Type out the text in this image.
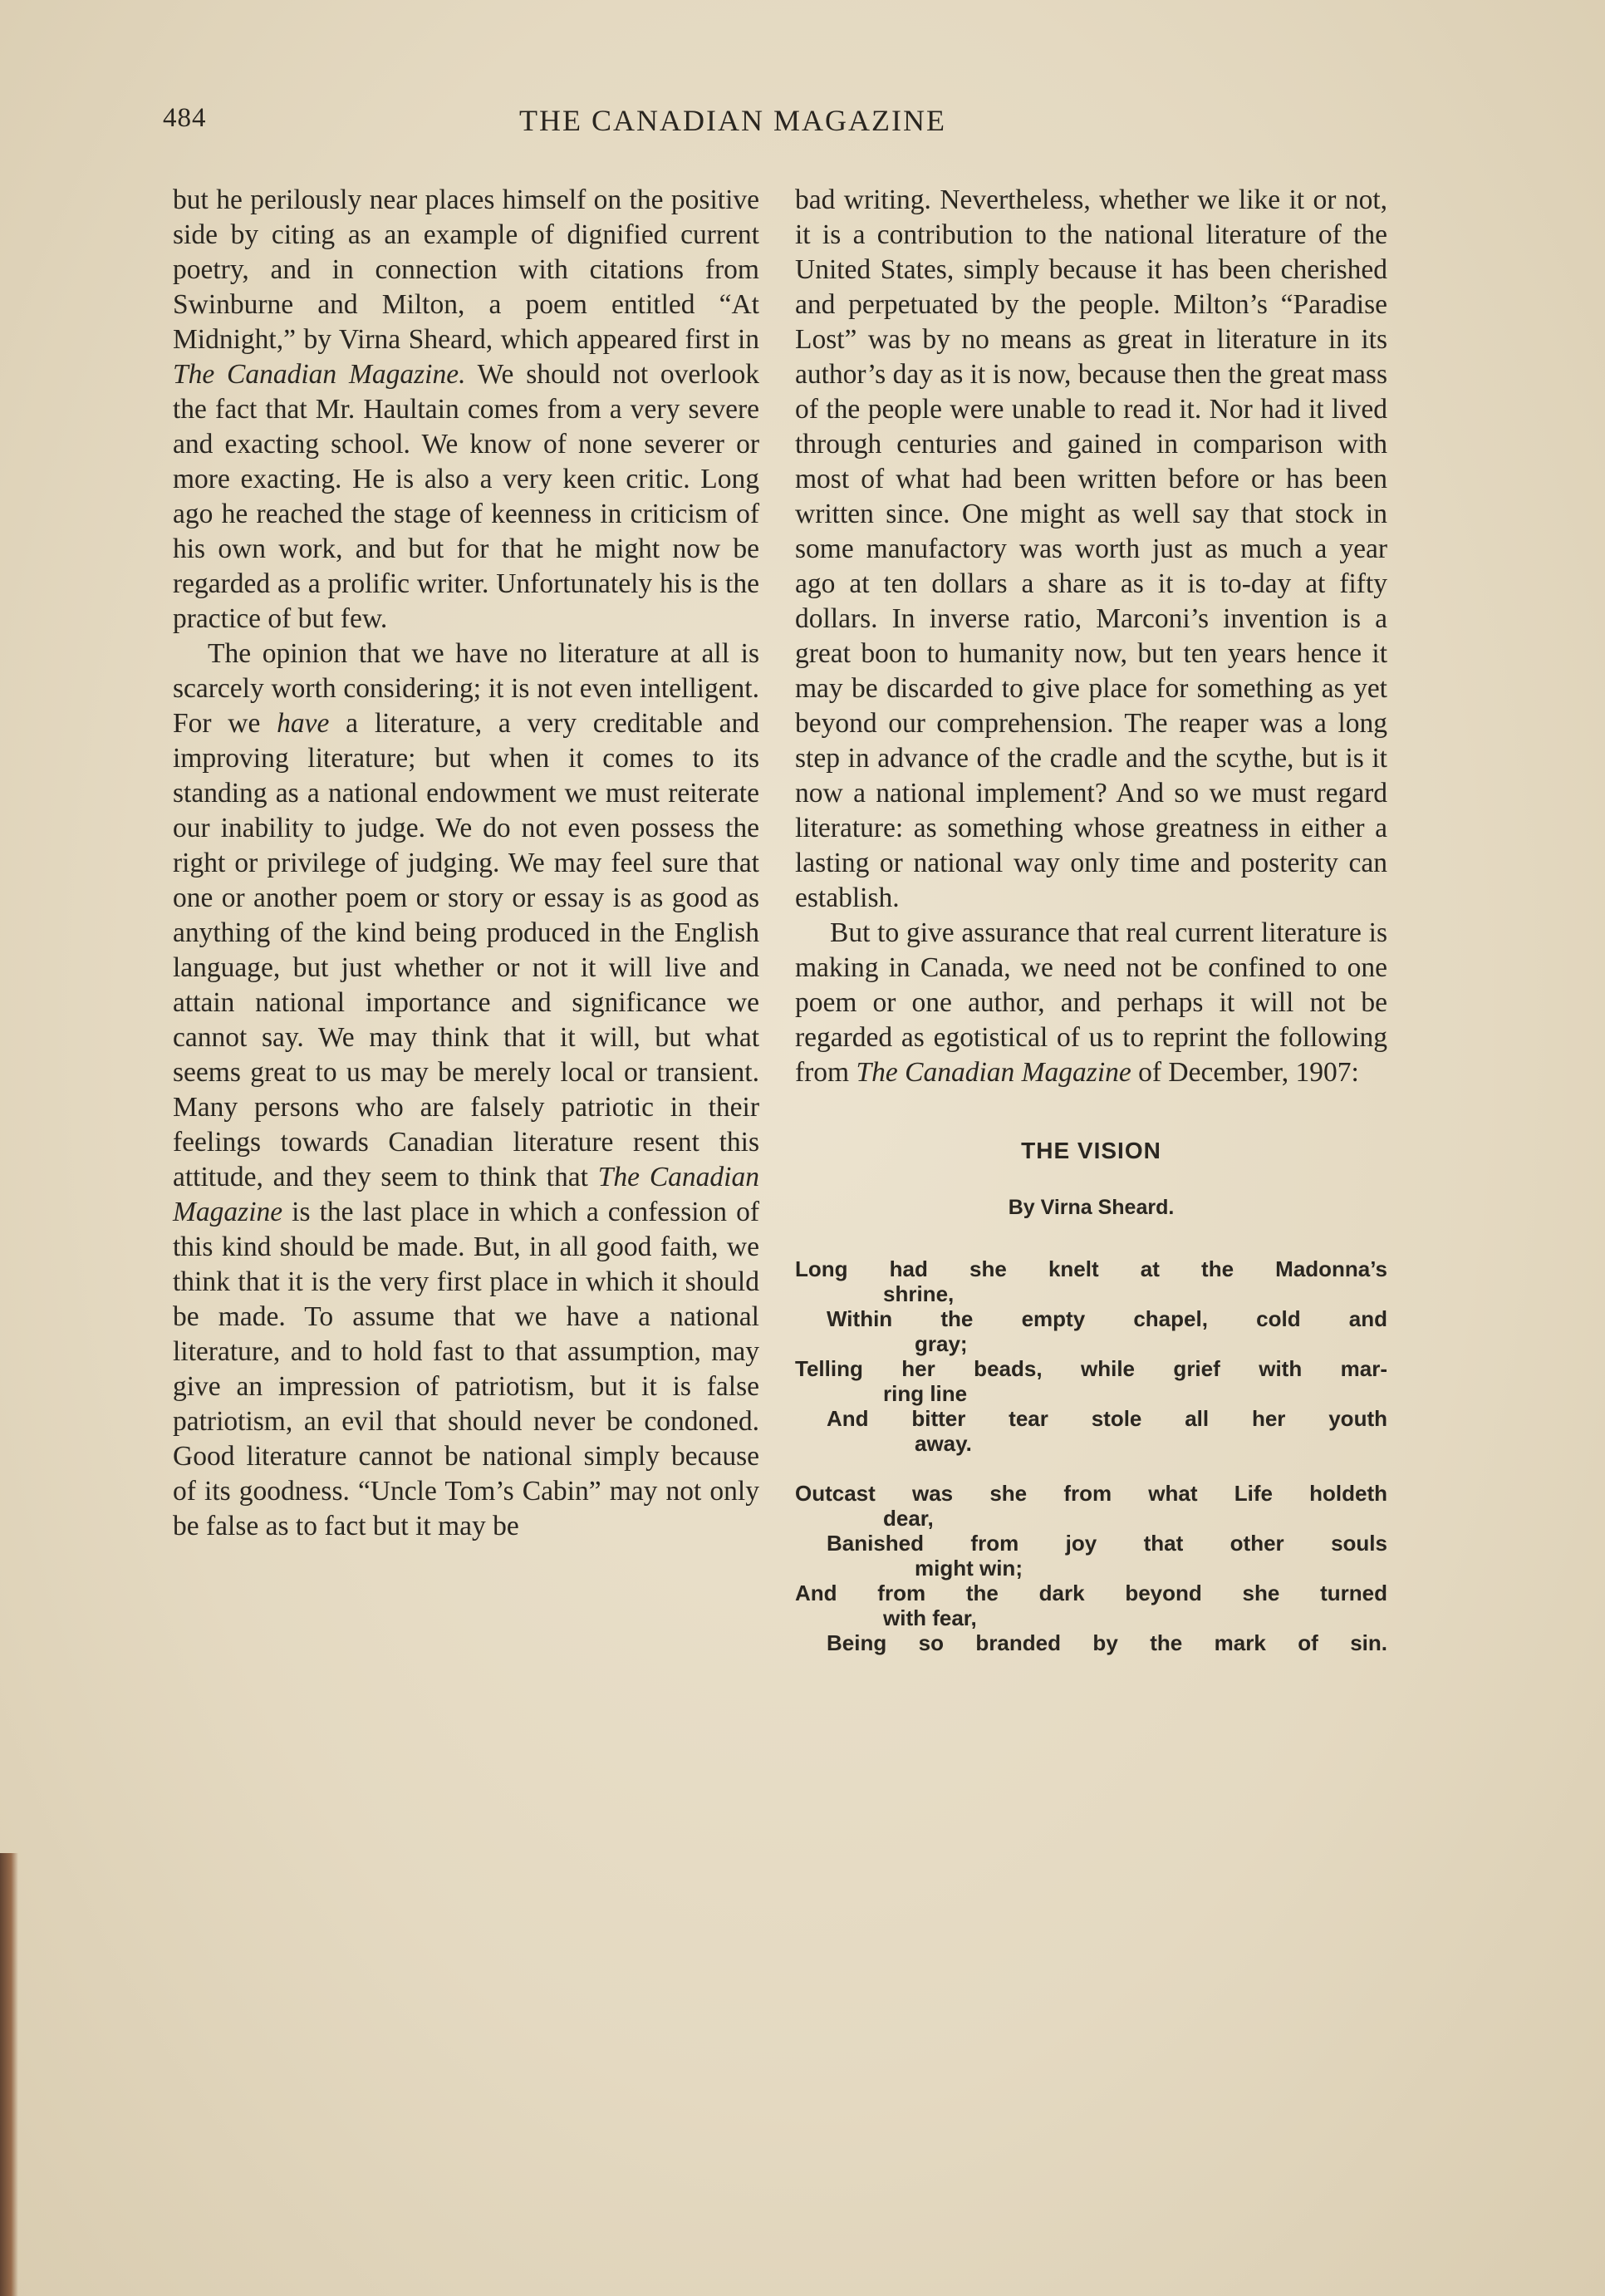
484	THE CANADIAN MAGAZINE

but he perilously near places himself on the positive side by citing as an example of dignified current poetry, and in connection with citations from Swinburne and Milton, a poem entitled “At Midnight,” by Virna Sheard, which appeared first in The Canadian Magazine. We should not overlook the fact that Mr. Haultain comes from a very severe and exacting school. We know of none severer or more exacting. He is also a very keen critic. Long ago he reached the stage of keenness in criticism of his own work, and but for that he might now be regarded as a prolific writer. Unfortunately his is the practice of but few.

The opinion that we have no literature at all is scarcely worth considering; it is not even intelligent. For we have a literature, a very creditable and improving literature; but when it comes to its standing as a national endowment we must reiterate our inability to judge. We do not even possess the right or privilege of judging. We may feel sure that one or another poem or story or essay is as good as anything of the kind being produced in the English language, but just whether or not it will live and attain national importance and significance we cannot say. We may think that it will, but what seems great to us may be merely local or transient. Many persons who are falsely patriotic in their feelings towards Canadian literature resent this attitude, and they seem to think that The Canadian Magazine is the last place in which a confession of this kind should be made. But, in all good faith, we think that it is the very first place in which it should be made. To assume that we have a national literature, and to hold fast to that assumption, may give an impression of patriotism, but it is false patriotism, an evil that should never be condoned. Good literature cannot be national simply because of its goodness. “Uncle Tom’s Cabin” may not only be false as to fact but it may be

bad writing. Nevertheless, whether we like it or not, it is a contribution to the national literature of the United States, simply because it has been cherished and perpetuated by the people. Milton’s “Paradise Lost” was by no means as great in literature in its author’s day as it is now, because then the great mass of the people were unable to read it. Nor had it lived through centuries and gained in comparison with most of what had been written before or has been written since. One might as well say that stock in some manufactory was worth just as much a year ago at ten dollars a share as it is to-day at fifty dollars. In inverse ratio, Marconi’s invention is a great boon to humanity now, but ten years hence it may be discarded to give place for something as yet beyond our comprehension. The reaper was a long step in advance of the cradle and the scythe, but is it now a national implement? And so we must regard literature: as something whose greatness in either a lasting or national way only time and posterity can establish.

But to give assurance that real current literature is making in Canada, we need not be confined to one poem or one author, and perhaps it will not be regarded as egotistical of us to reprint the following from The Canadian Magazine of December, 1907:

THE VISION
By Virna Sheard.
Long had she knelt at the Madonna’s
shrine,
Within the empty chapel, cold and
gray;
Telling her beads, while grief with mar-
ring line
And bitter tear stole all her youth
away.
Outcast was she from what Life holdeth
dear,
Banished from joy that other souls
might win;
And from the dark beyond she turned
with fear,
Being so branded by the mark of sin.
